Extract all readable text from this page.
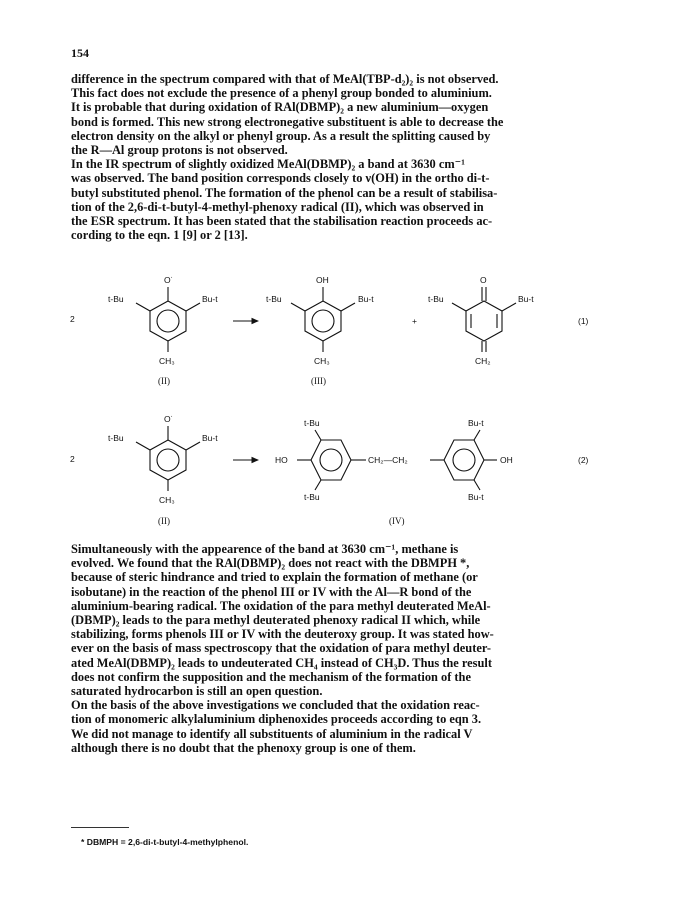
154

difference in the spectrum compared with that of MeAl(TBP-d₂)₂ is not observed.
This fact does not exclude the presence of a phenyl group bonded to aluminium.
It is probable that during oxidation of RAl(DBMP)₂ a new aluminium—oxygen
bond is formed. This new strong electronegative substituent is able to decrease the
electron density on the alkyl or phenyl group. As a result the splitting caused by
the R—Al group protons is not observed.
In the IR spectrum of slightly oxidized MeAl(DBMP)₂ a band at 3630 cm⁻¹
was observed. The band position corresponds closely to ν(OH) in the ortho di-t-
butyl substituted phenol. The formation of the phenol can be a result of stabilisa-
tion of the 2,6-di-t-butyl-4-methyl-phenoxy radical (II), which was observed in
the ESR spectrum. It has been stated that the stabilisation reaction proceeds ac-
cording to the eqn. 1 [9] or 2 [13].

2
O˙
t-Bu	Bu-t
CH₃
(II)
OH
t-Bu	Bu-t
CH₃
(III)
+
O
t-Bu	Bu-t
CH₂
(1)
2
O˙
t-Bu	Bu-t
CH₃
(II)
HO
t-Bu
t-Bu
CH₂—CH₂	OH
Bu-t
Bu-t
(IV)
(2)

Simultaneously with the appearence of the band at 3630 cm⁻¹, methane is
evolved. We found that the RAl(DBMP)₂ does not react with the DBMPH *,
because of steric hindrance and tried to explain the formation of methane (or
isobutane) in the reaction of the phenol III or IV with the Al—R bond of the
aluminium-bearing radical. The oxidation of the para methyl deuterated MeAl-
(DBMP)₂ leads to the para methyl deuterated phenoxy radical II which, while
stabilizing, forms phenols III or IV with the deuteroxy group. It was stated how-
ever on the basis of mass spectroscopy that the oxidation of para methyl deuter-
ated MeAl(DBMP)₂ leads to undeuterated CH₄ instead of CH₃D. Thus the result
does not confirm the supposition and the mechanism of the formation of the
saturated hydrocarbon is still an open question.
On the basis of the above investigations we concluded that the oxidation reac-
tion of monomeric alkylaluminium diphenoxides proceeds according to eqn 3.
We did not manage to identify all substituents of aluminium in the radical V
although there is no doubt that the phenoxy group is one of them.

* DBMPH = 2,6-di-t-butyl-4-methylphenol.
